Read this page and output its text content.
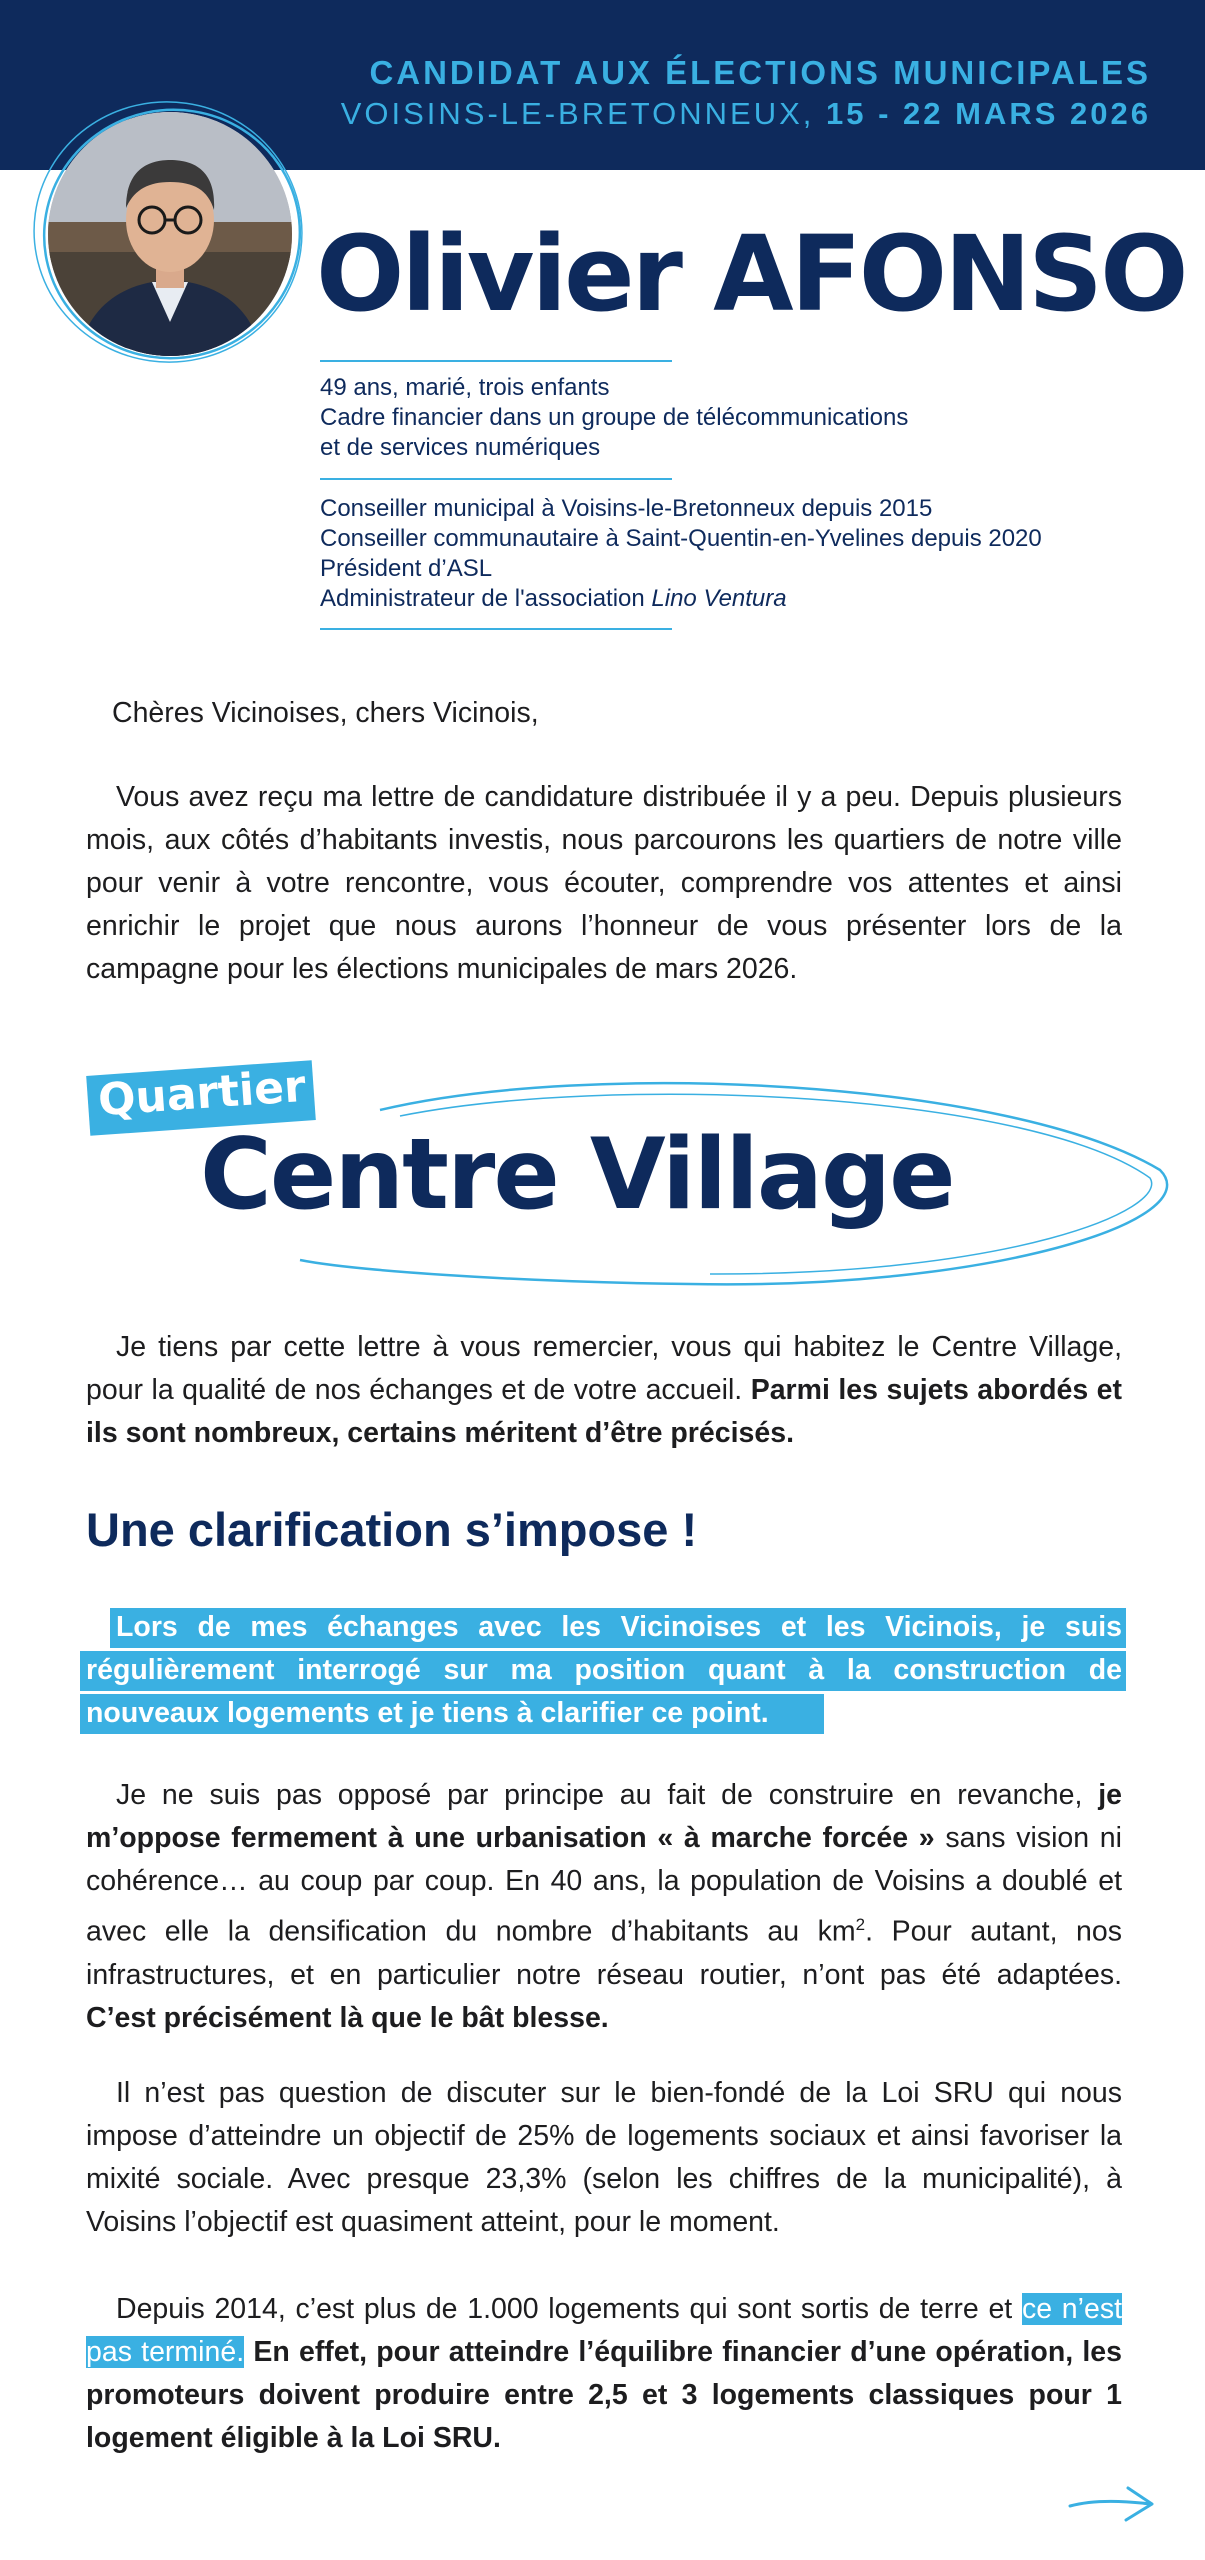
CANDIDAT AUX ÉLECTIONS MUNICIPALES
VOISINS-LE-BRETONNEUX, 15 - 22 MARS 2026
Olivier AFONSO
49 ans, marié, trois enfants
Cadre financier dans un groupe de télécommunications
et de services numériques
Conseiller municipal à Voisins-le-Bretonneux depuis 2015
Conseiller communautaire à Saint-Quentin-en-Yvelines depuis 2020
Président d’ASL
Administrateur de l'association Lino Ventura
Chères Vicinoises, chers Vicinois,

Vous avez reçu ma lettre de candidature distribuée il y a peu. Depuis plusieurs mois, aux côtés d’habitants investis, nous parcourons les quartiers de notre ville pour venir à votre rencontre, vous écouter, comprendre vos attentes et ainsi enrichir le projet que nous aurons l’honneur de vous présenter lors de la campagne pour les élections municipales de mars 2026.

Quartier
Centre Village

Je tiens par cette lettre à vous remercier, vous qui habitez le Centre Village, pour la qualité de nos échanges et de votre accueil. Parmi les sujets abordés et ils sont nombreux, certains méritent d’être précisés.

Une clarification s’impose !

Lors de mes échanges avec les Vicinoises et les Vicinois, je suis régulièrement interrogé sur ma position quant à la construction de nouveaux logements et je tiens à clarifier ce point.

Je ne suis pas opposé par principe au fait de construire en revanche, je m’oppose fermement à une urbanisation « à marche forcée » sans vision ni cohérence… au coup par coup. En 40 ans, la population de Voisins a doublé et avec elle la densification du nombre d’habitants au $km^2$. Pour autant, nos infrastructures, et en particulier notre réseau routier, n’ont pas été adaptées. C’est précisément là que le bât blesse.

Il n’est pas question de discuter sur le bien-fondé de la Loi SRU qui nous impose d’atteindre un objectif de 25% de logements sociaux et ainsi favoriser la mixité sociale. Avec presque 23,3% (selon les chiffres de la municipalité), à Voisins l’objectif est quasiment atteint, pour le moment.

Depuis 2014, c’est plus de 1.000 logements qui sont sortis de terre et ce n’est pas terminé. En effet, pour atteindre l’équilibre financier d’une opération, les promoteurs doivent produire entre 2,5 et 3 logements classiques pour 1 logement éligible à la Loi SRU.
